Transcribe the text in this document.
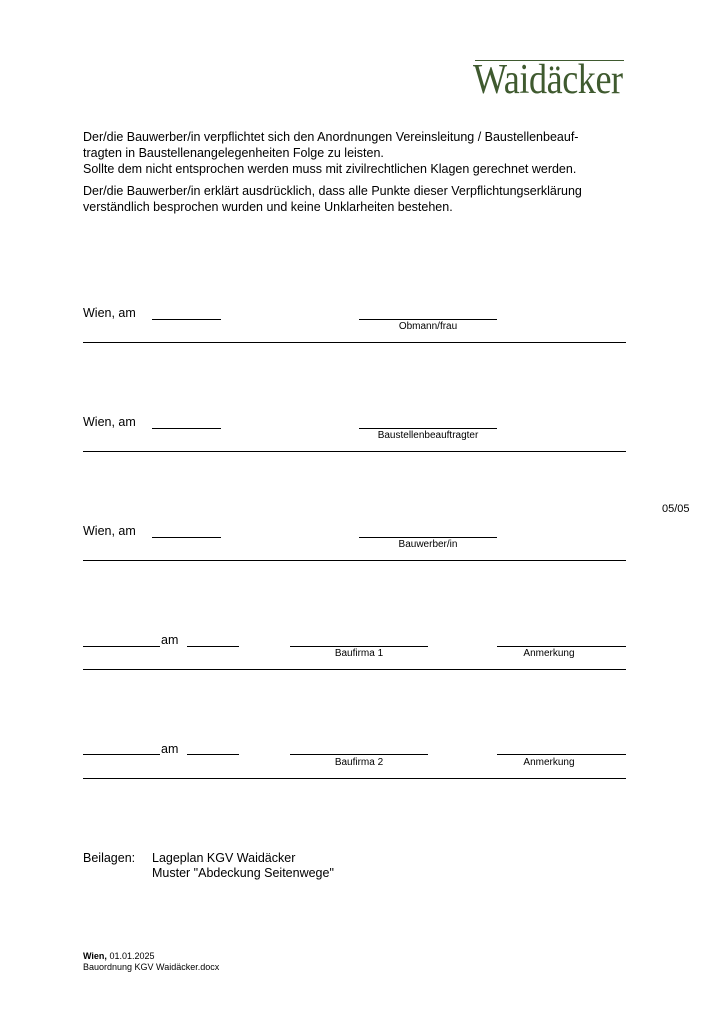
Waidäcker
Der/die Bauwerber/in verpflichtet sich den Anordnungen Vereinsleitung / Baustellenbeauf-
tragten in Baustellenangelegenheiten Folge zu leisten.
Sollte dem nicht entsprochen werden muss mit zivilrechtlichen Klagen gerechnet werden.
Der/die Bauwerber/in erklärt ausdrücklich, dass alle Punkte dieser Verpflichtungserklärung
verständlich besprochen wurden und keine Unklarheiten bestehen.
Wien, am
Obmann/frau
Wien, am
Baustellenbeauftragter
05/05
Wien, am
Bauwerber/in
am
Baufirma 1	Anmerkung
am
Baufirma 2	Anmerkung
Beilagen: Lageplan KGV Waidäcker
Muster "Abdeckung Seitenwege"
Wien, 01.01.2025
Bauordnung KGV Waidäcker.docx
